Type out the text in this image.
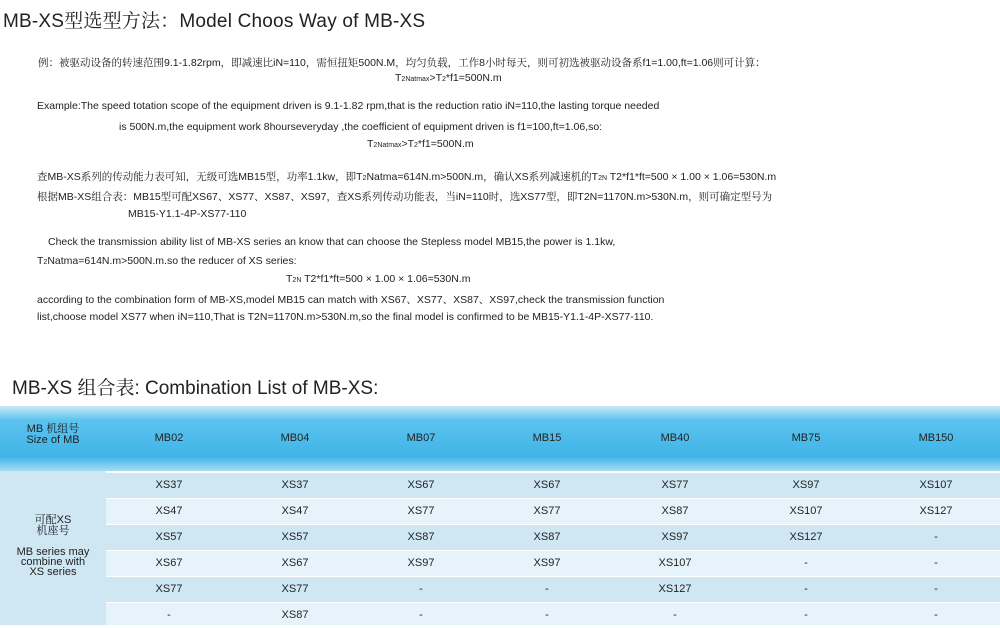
MB-XS型选型方法：Model Choos Way of MB-XS
例：被驱动设备的转速范围9.1-1.82rpm，即减速比iN=110，需恒扭矩500N.M，均匀负载，工作8小时每天，则可初选被驱动设备系f1=1.00,ft=1.06则可计算：
T2Natmax>T2*f1=500N.m
Example:The speed totation scope of the equipment driven is 9.1-1.82 rpm,that is the reduction ratio iN=110,the lasting torque needed
is 500N.m,the equipment work 8hourseveryday ,the coefficient of equipment driven is f1=100,ft=1.06,so:
T2Natmax>T2*f1=500N.m
查MB-XS系列的传动能力表可知，无级可选MB15型，功率1.1kw，即T2Natma=614N.m>500N.m，确认XS系列减速机的T2N T2*f1*ft=500 × 1.00 × 1.06=530N.m
根据MB-XS组合表：MB15型可配XS67、XS77、XS87、XS97，查XS系列传动功能表，当iN=110时，选XS77型，即T2N=1170N.m>530N.m，则可确定型号为
MB15-Y1.1-4P-XS77-110
Check the transmission ability list of MB-XS series an know that can choose the Stepless model MB15,the power is 1.1kw,
T2Natma=614N.m>500N.m.so the reducer of XS series:
T2N T2*f1*ft=500 × 1.00 × 1.06=530N.m
according to the combination form of MB-XS,model MB15 can match with XS67、XS77、XS87、XS97,check the transmission function
list,choose model XS77 when iN=110,That is T2N=1170N.m>530N.m,so the final model is confirmed to be MB15-Y1.1-4P-XS77-110.
MB-XS 组合表: Combination List of MB-XS:
MB 机组号
Size of MB	MB02	MB04	MB07	MB15	MB40	MB75	MB150
可配XS
机座号
MB series may
combine with
XS series
XS37	XS37	XS67	XS67	XS77	XS97	XS107
XS47	XS47	XS77	XS77	XS87	XS107	XS127
XS57	XS57	XS87	XS87	XS97	XS127	-
XS67	XS67	XS97	XS97	XS107	-	-
XS77	XS77	-	-	XS127	-	-
-	XS87	-	-	-	-	-
